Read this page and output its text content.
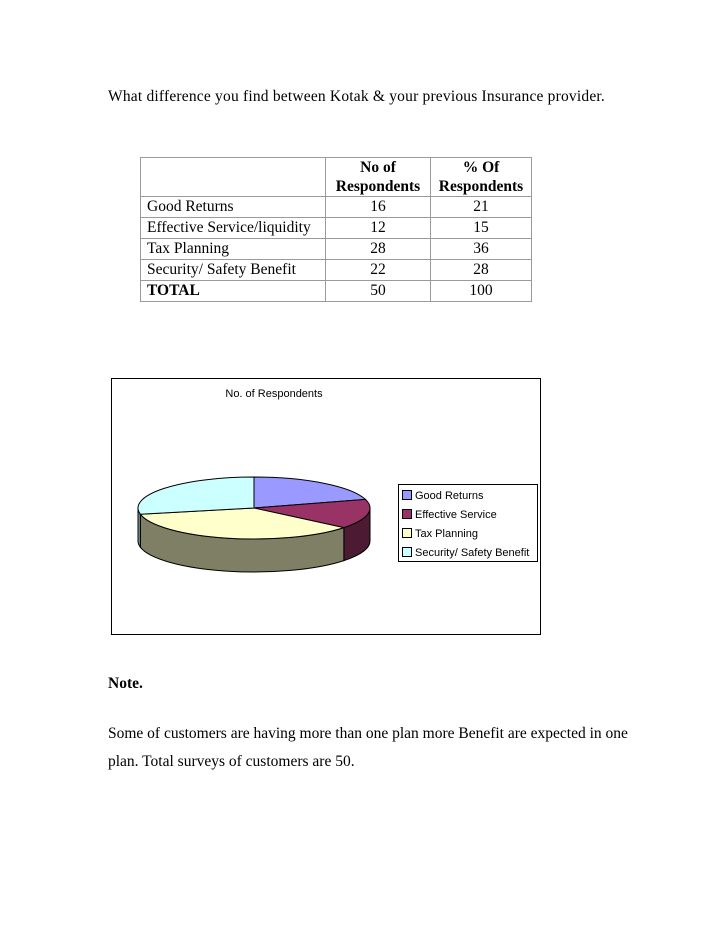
What difference you find between Kotak & your previous Insurance provider.
	No of Respondents	% Of Respondents
Good Returns	16	21
Effective Service/liquidity	12	15
Tax Planning	28	36
Security/ Safety Benefit	22	28
TOTAL	50	100
No. of Respondents
Good Returns
Effective Service
Tax Planning
Security/ Safety Benefit
Note.
Some of customers are having more than one plan more Benefit are expected in one plan. Total surveys of customers are 50.
